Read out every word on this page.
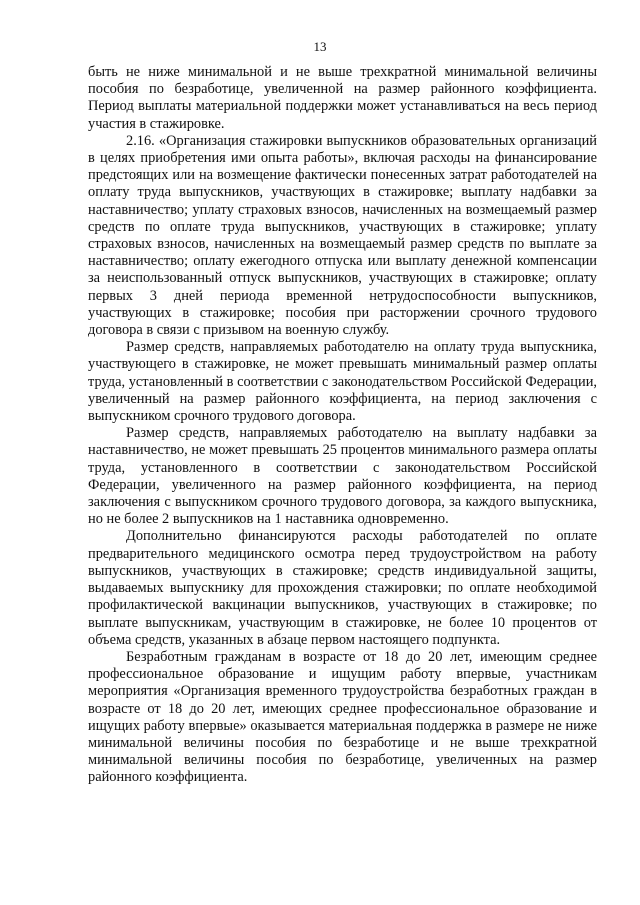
13

быть не ниже минимальной и не выше трехкратной минимальной величины пособия по безработице, увеличенной на размер районного коэффициента. Период выплаты материальной поддержки может устанавливаться на весь период участия в стажировке.

2.16. «Организация стажировки выпускников образовательных организаций в целях приобретения ими опыта работы», включая расходы на финансирование предстоящих или на возмещение фактически понесенных затрат работодателей на оплату труда выпускников, участвующих в стажировке; выплату надбавки за наставничество; уплату страховых взносов, начисленных на возмещаемый размер средств по оплате труда выпускников, участвующих в стажировке; уплату страховых взносов, начисленных на возмещаемый размер средств по выплате за наставничество; оплату ежегодного отпуска или выплату денежной компенсации за неиспользованный отпуск выпускников, участвующих в стажировке; оплату первых 3 дней периода временной нетрудоспособности выпускников, участвующих в стажировке; пособия при расторжении срочного трудового договора в связи с призывом на военную службу.

Размер средств, направляемых работодателю на оплату труда выпускника, участвующего в стажировке, не может превышать минимальный размер оплаты труда, установленный в соответствии с законодательством Российской Федерации, увеличенный на размер районного коэффициента, на период заключения с выпускником срочного трудового договора.

Размер средств, направляемых работодателю на выплату надбавки за наставничество, не может превышать 25 процентов минимального размера оплаты труда, установленного в соответствии с законодательством Российской Федерации, увеличенного на размер районного коэффициента, на период заключения с выпускником срочного трудового договора, за каждого выпускника, но не более 2 выпускников на 1 наставника одновременно.

Дополнительно финансируются расходы работодателей по оплате предварительного медицинского осмотра перед трудоустройством на работу выпускников, участвующих в стажировке; средств индивидуальной защиты, выдаваемых выпускнику для прохождения стажировки; по оплате необходимой профилактической вакцинации выпускников, участвующих в стажировке; по выплате выпускникам, участвующим в стажировке, не более 10 процентов от объема средств, указанных в абзаце первом настоящего подпункта.

Безработным гражданам в возрасте от 18 до 20 лет, имеющим среднее профессиональное образование и ищущим работу впервые, участникам мероприятия «Организация временного трудоустройства безработных граждан в возрасте от 18 до 20 лет, имеющих среднее профессиональное образование и ищущих работу впервые» оказывается материальная поддержка в размере не ниже минимальной величины пособия по безработице и не выше трехкратной минимальной величины пособия по безработице, увеличенных на размер районного коэффициента.
